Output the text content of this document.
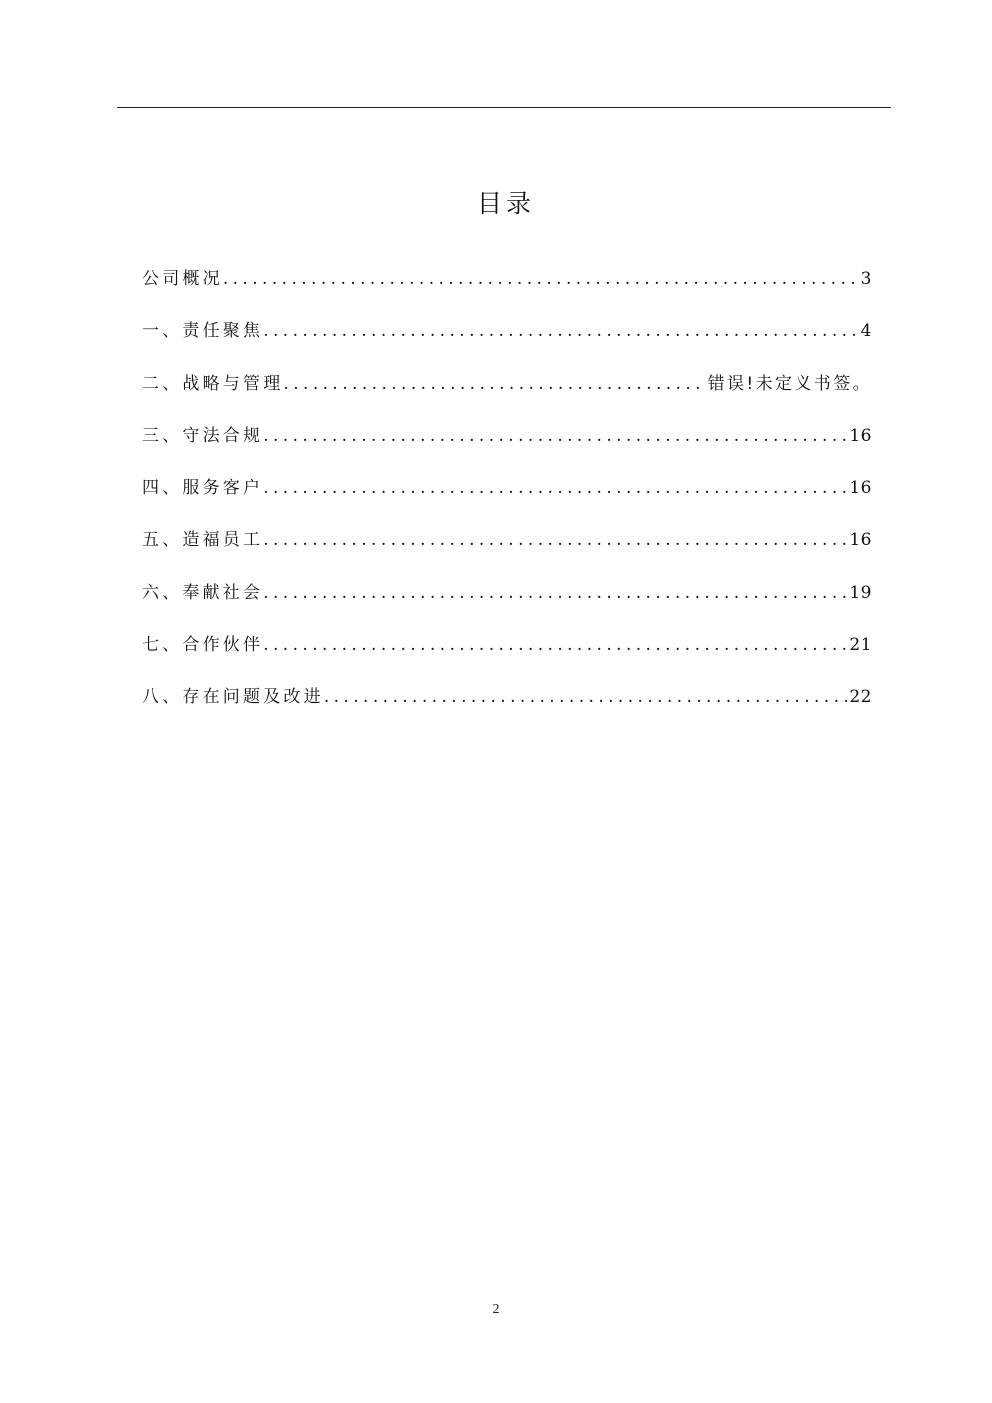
目录
公司概况 .....	3
一、责任聚焦 .....	4
二、战略与管理 .....	错误!未定义书签。
三、守法合规 .....	16
四、服务客户 .....	16
五、造福员工 .....	16
六、奉献社会 .....	19
七、合作伙伴 .....	21
八、存在问题及改进 .....	22
2
